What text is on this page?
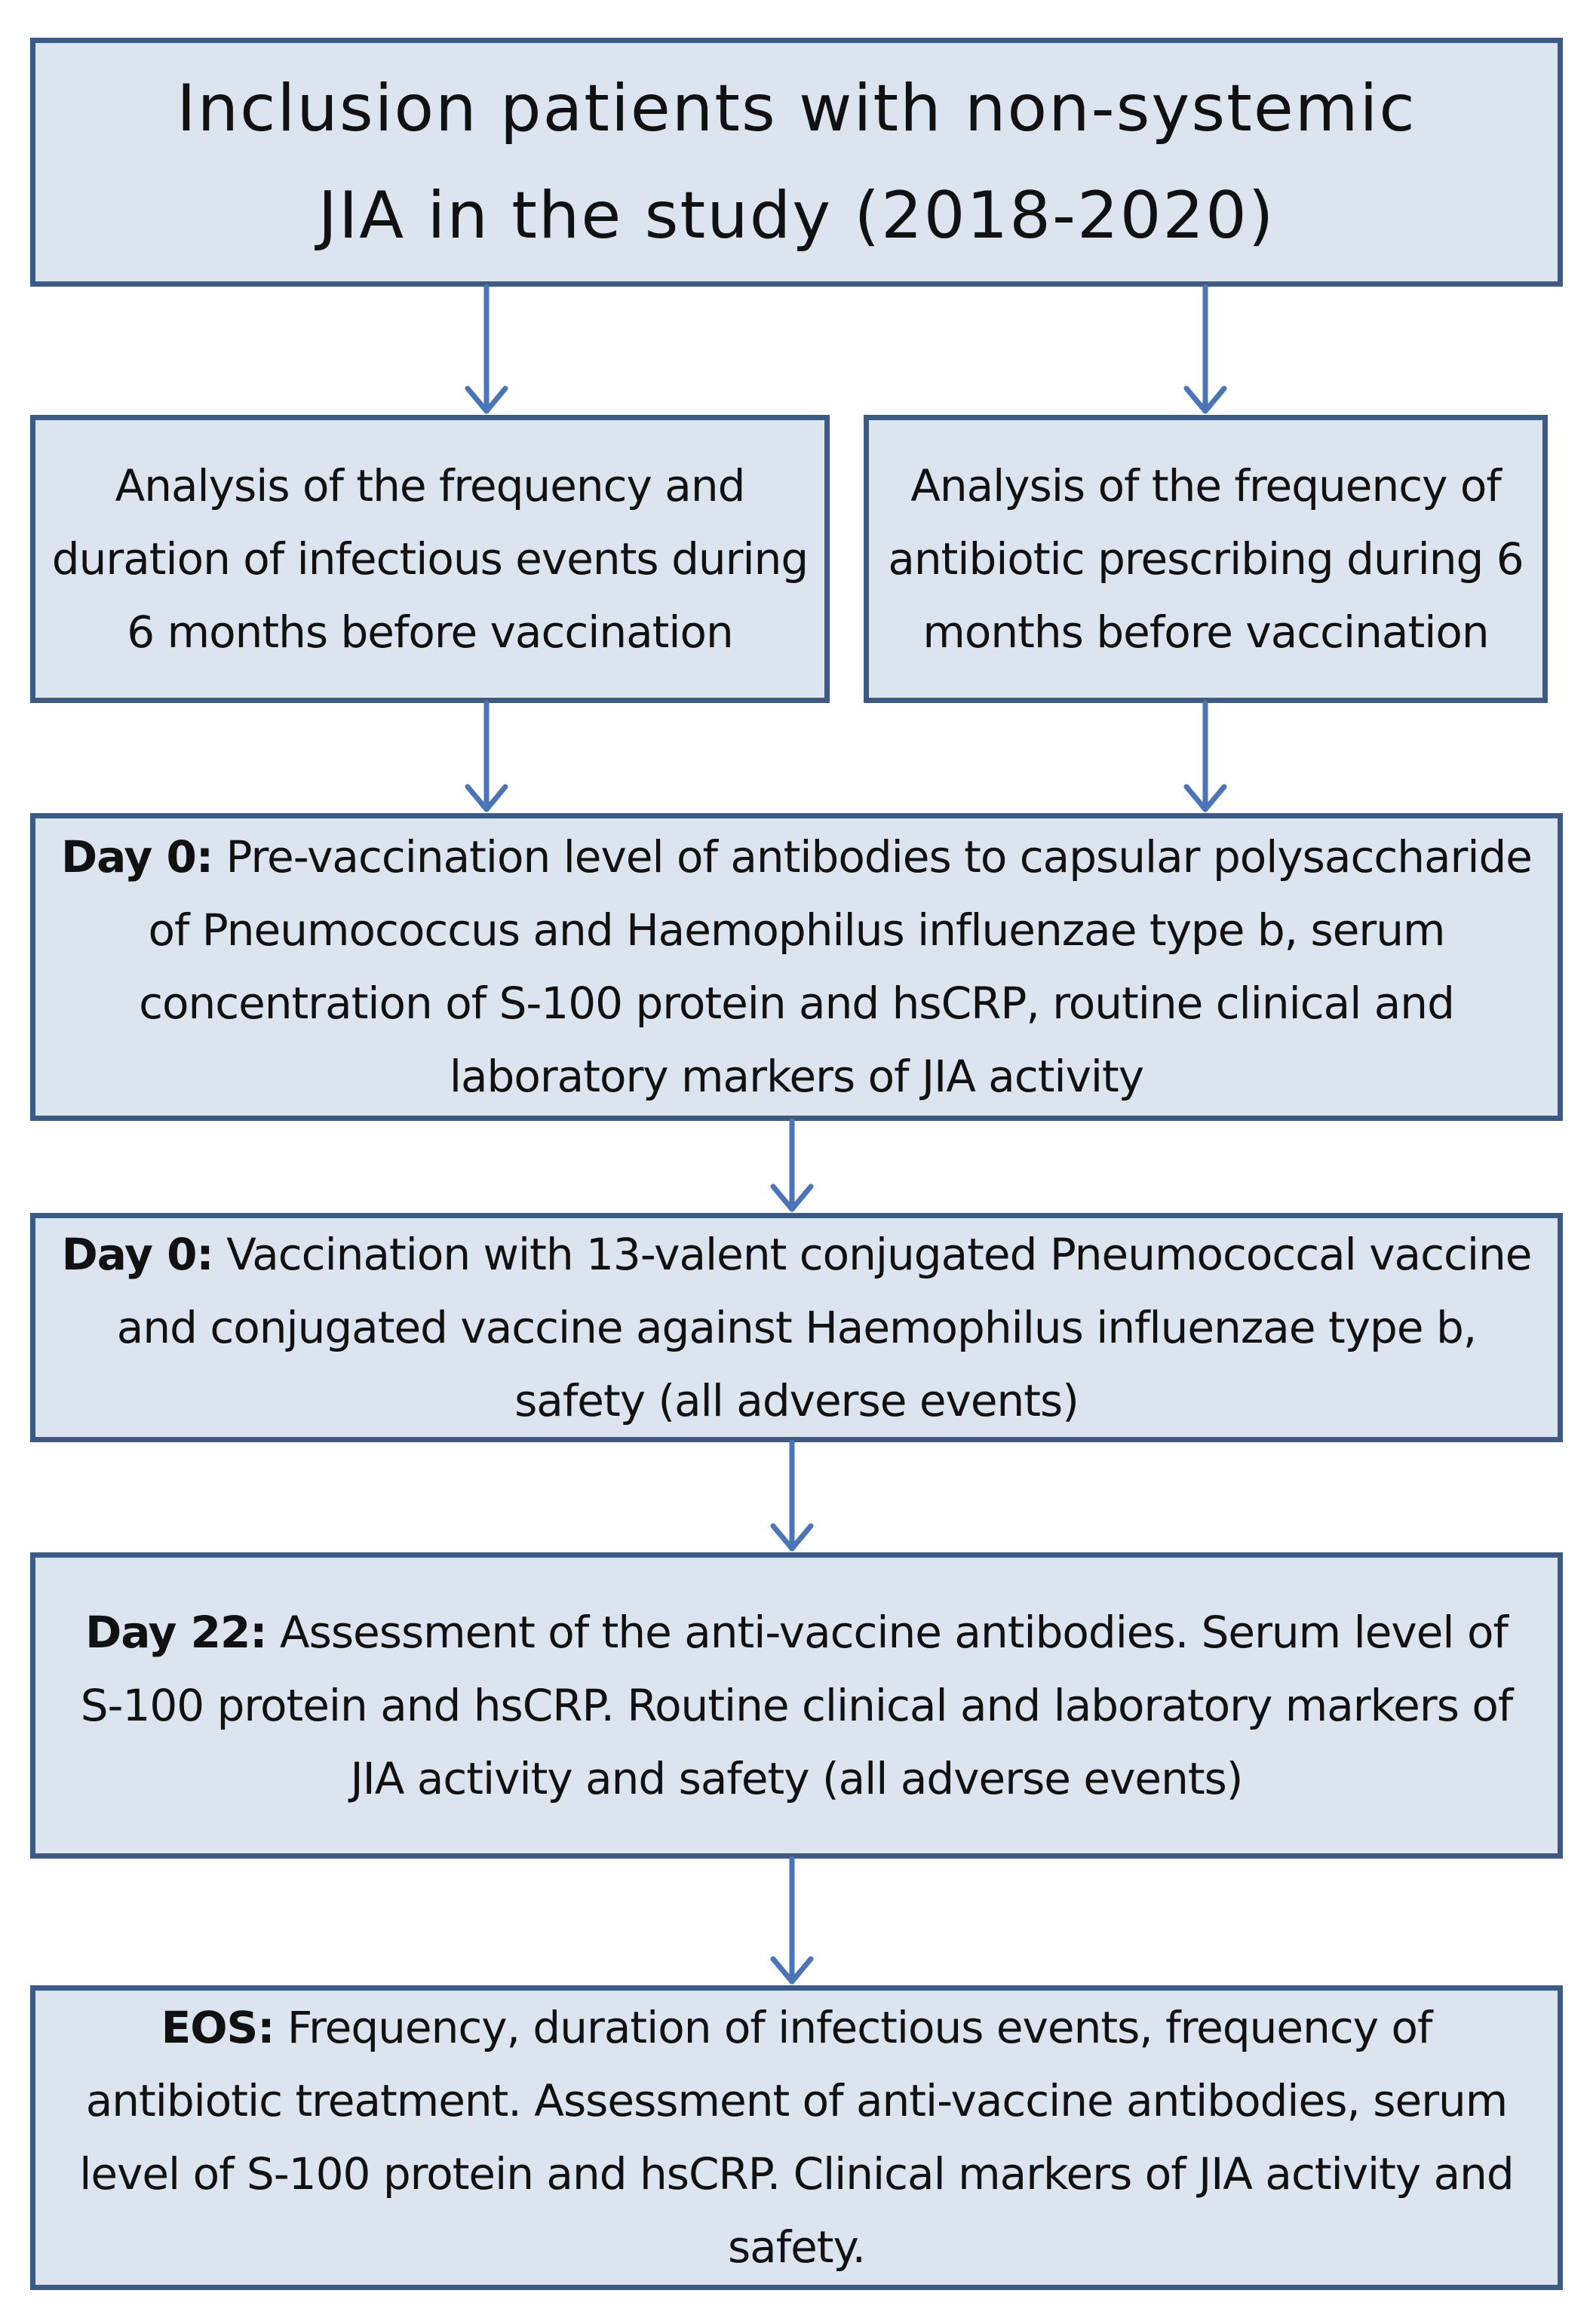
Inclusion patients with non-systemic
JIA in the study (2018-2020)
Analysis of the frequency and duration of infectious events during 6 months before vaccination
Analysis of the frequency of antibiotic prescribing during 6 months before vaccination
Day 0: Pre-vaccination level of antibodies to capsular polysaccharide of Pneumococcus and Haemophilus influenzae type b, serum concentration of S-100 protein and hsCRP, routine clinical and laboratory markers of JIA activity
Day 0: Vaccination with 13-valent conjugated Pneumococcal vaccine and conjugated vaccine against Haemophilus influenzae type b, safety (all adverse events)
Day 22: Assessment of the anti-vaccine antibodies. Serum level of S-100 protein and hsCRP. Routine clinical and laboratory markers of JIA activity and safety (all adverse events)
EOS: Frequency, duration of infectious events, frequency of antibiotic treatment. Assessment of anti-vaccine antibodies, serum level of S-100 protein and hsCRP. Clinical markers of JIA activity and safety.
